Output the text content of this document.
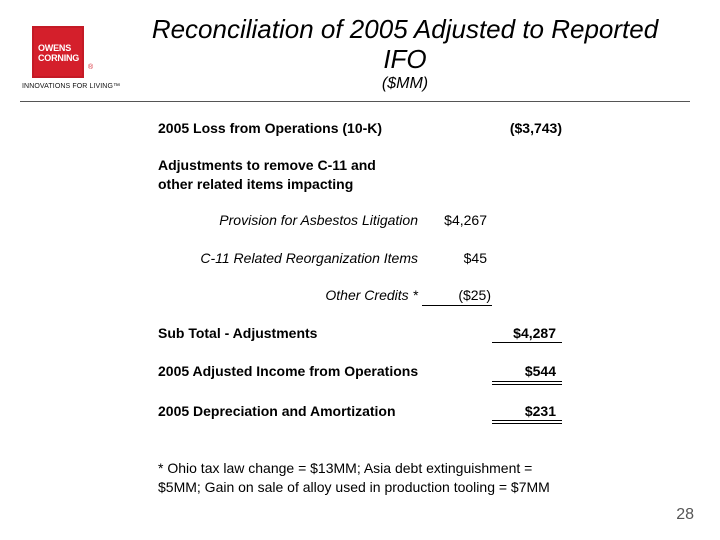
OWENS
CORNING
®
INNOVATIONS FOR LIVING™
Reconciliation of 2005 Adjusted to Reported IFO
($MM)
2005 Loss from Operations (10-K)	($3,743)
Adjustments to remove C-11 and
other related items impacting
Provision for Asbestos Litigation	$4,267
C-11 Related Reorganization Items	$45
Other Credits *	($25)
Sub Total - Adjustments	$4,287
2005 Adjusted Income from Operations	$544
2005 Depreciation and Amortization	$231
* Ohio tax law change = $13MM; Asia debt extinguishment =
$5MM; Gain on sale of alloy used in production tooling = $7MM
28
